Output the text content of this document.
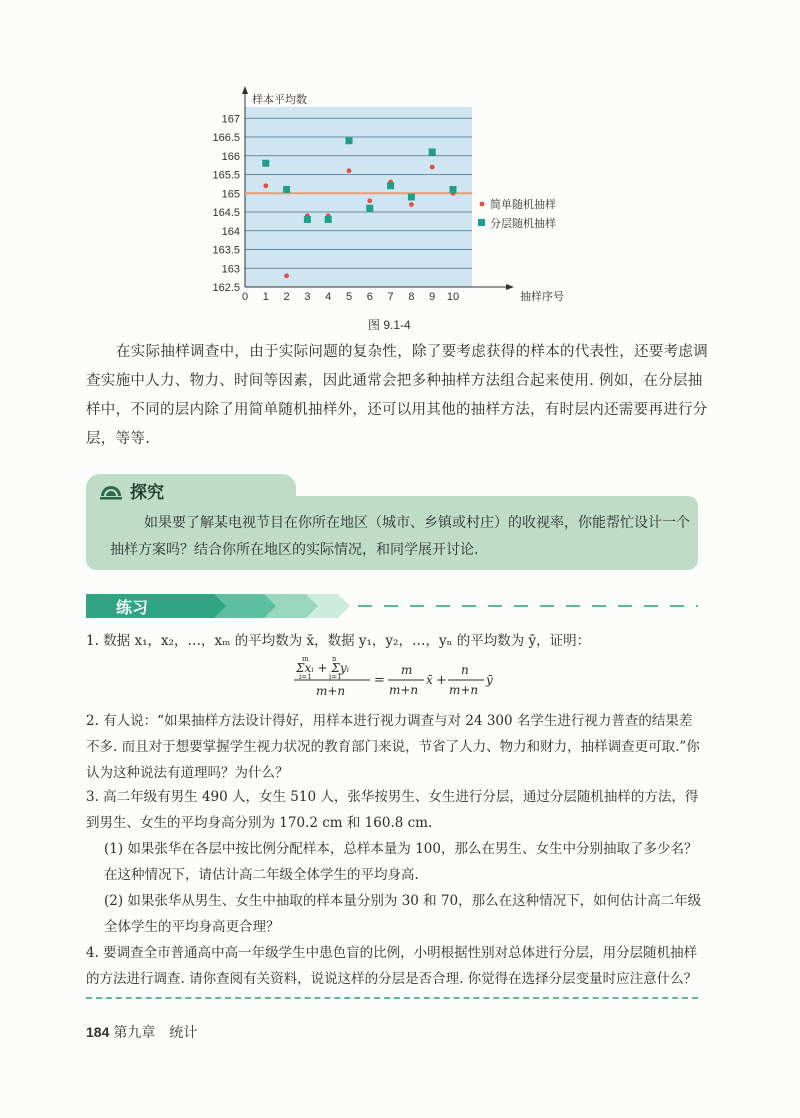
样本平均数
抽样序号
162.5
163
163.5
164
164.5
165
165.5
166
166.5
167
0 1 2 3 4 5 6 7 8 9 10
简单随机抽样
分层随机抽样
图 9.1-4

在实际抽样调查中，由于实际问题的复杂性，除了要考虑获得的样本的代表性，还要考虑调查实施中人力、物力、时间等因素，因此通常会把多种抽样方法组合起来使用. 例如，在分层抽样中，不同的层内除了用简单随机抽样外，还可以用其他的抽样方法，有时层内还需要再进行分层，等等.

探究

如果要了解某电视节目在你所在地区（城市、乡镇或村庄）的收视率，你能帮忙设计一个抽样方案吗？结合你所在地区的实际情况，和同学展开讨论.

练习

1. 数据 x₁，x₂，…，xₘ 的平均数为 x̄，数据 y₁，y₂，…，yₙ 的平均数为 ȳ，证明：

m
i=1
n
i=1
Σxᵢ + Σyᵢ
m+n
=
m
m+n
x̄ +
n
m+n
ȳ

2. 有人说：“如果抽样方法设计得好，用样本进行视力调查与对 24 300 名学生进行视力普查的结果差不多. 而且对于想要掌握学生视力状况的教育部门来说，节省了人力、物力和财力，抽样调查更可取.”你认为这种说法有道理吗？为什么？

3. 高二年级有男生 490 人，女生 510 人，张华按男生、女生进行分层，通过分层随机抽样的方法，得到男生、女生的平均身高分别为 170.2 cm 和 160.8 cm.

(1) 如果张华在各层中按比例分配样本，总样本量为 100，那么在男生、女生中分别抽取了多少名？在这种情况下，请估计高二年级全体学生的平均身高.

(2) 如果张华从男生、女生中抽取的样本量分别为 30 和 70，那么在这种情况下，如何估计高二年级全体学生的平均身高更合理？

4. 要调查全市普通高中高一年级学生中患色盲的比例，小明根据性别对总体进行分层，用分层随机抽样的方法进行调查. 请你查阅有关资料，说说这样的分层是否合理. 你觉得在选择分层变量时应注意什么？

184 第九章　统计
